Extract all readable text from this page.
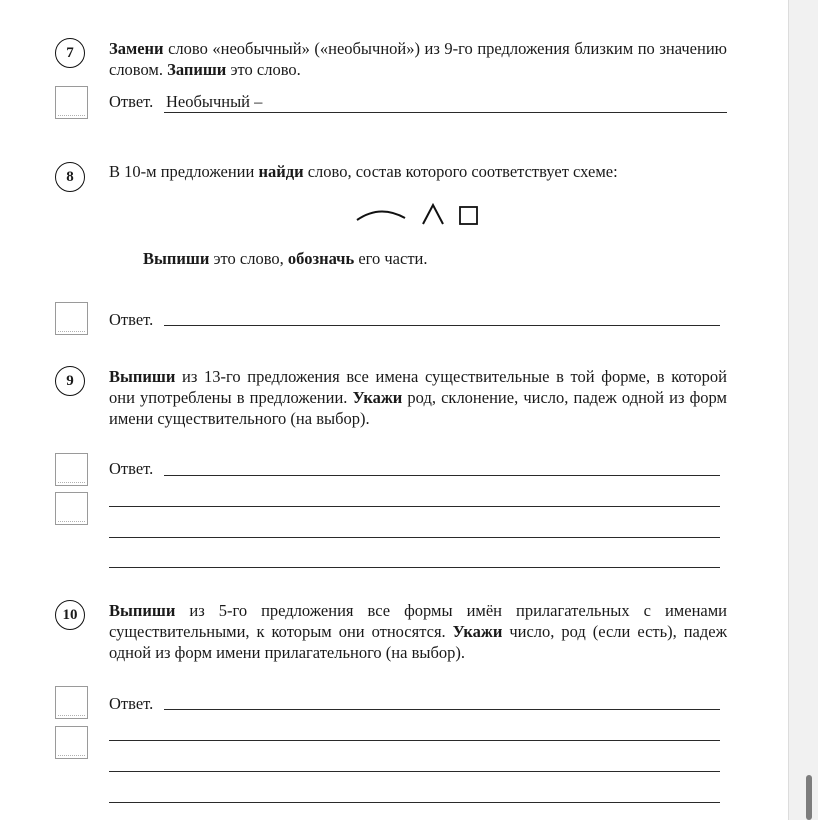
7 Замени слово «необычный» («необычной») из 9-го предложения близким по значению словом. Запиши это слово.
Ответ. Необычный –
8 В 10-м предложении найди слово, состав которого соответствует схеме:
Выпиши это слово, обозначь его части.
Ответ.
9 Выпиши из 13-го предложения все имена существительные в той форме, в которой они употреблены в предложении. Укажи род, склонение, число, падеж одной из форм имени существительного (на выбор).
Ответ.
10 Выпиши из 5-го предложения все формы имён прилагательных с именами существительными, к которым они относятся. Укажи число, род (если есть), падеж одной из форм имени прилагательного (на выбор).
Ответ.
